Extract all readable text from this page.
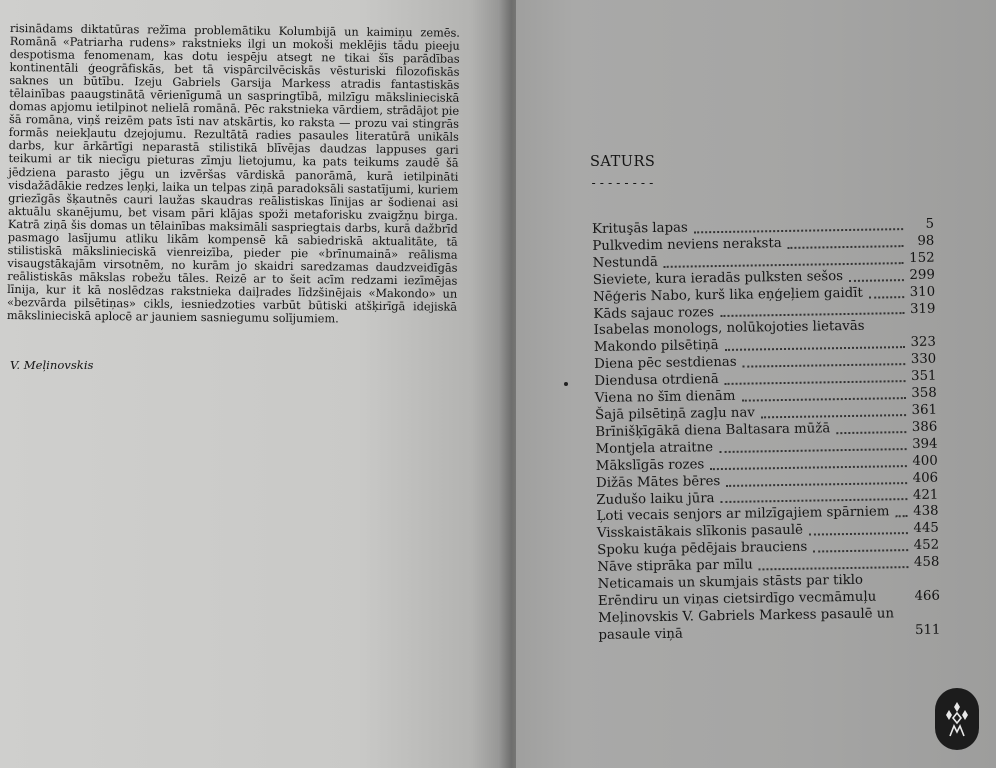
risinādams diktatūras režīma problemātiku Kolumbijā un kaimiņu zemēs. Romānā «Patriarha rudens» rakstnieks ilgi un mokoši meklējis tādu pieeju despotisma fenomenam, kas dotu iespēju atsegt ne tikai šīs parādības kontinentāli ģeogrāfiskās, bet tā vispārcilvēciskās vēsturiski filozofiskās saknes un būtību. Izeju Gabriels Garsija Markess atradis fantastiskās tēlainības paaugstinātā vērienīgumā un saspringtībā, milzīgu mākslinieciskā domas apjomu ietilpinot nelielā romānā. Pēc rakstnieka vārdiem, strādājot pie šā romāna, viņš reizēm pats īsti nav atskārtis, ko raksta — prozu vai stingrās formās neiekļautu dzejojumu. Rezultātā radies pasaules literatūrā unikāls darbs, kur ārkārtīgi neparastā stilistikā blīvējas daudzas lappuses gari teikumi ar tik niecīgu pieturas zīmju lietojumu, ka pats teikums zaudē šā jēdziena parasto jēgu un izvēršas vārdiskā panorāmā, kurā ietilpināti visdažādākie redzes leņķi, laika un telpas ziņā paradoksāli sastatījumi, kuriem griezīgās šķautnēs cauri laužas skaudras reālistiskas līnijas ar šodienai asi aktuālu skanējumu, bet visam pāri klājas spoži metaforisku zvaigžņu birga. Katrā ziņā šis domas un tēlainības maksimāli saspriegtais darbs, kurā dažbrīd pasmago lasījumu atliku likām kompensē kā sabiedriskā aktualitāte, tā stilistiskā mākslinieciskā vienreizība, pieder pie «brīnumainā» reālisma visaugstākajām virsotnēm, no kurām jo skaidri saredzamas daudzveidīgās reālistiskās mākslas robežu tāles. Reizē ar to šeit acīm redzami iezīmējas līnija, kur it kā noslēdzas rakstnieka daiļrades līdzšinējais «Makondo» un «bezvārda pilsētiņas» cikls, iesniedzoties varbūt būtiski atšķirīgā idejiskā mākslinieciskā aplocē ar jauniem sasniegumu solījumiem.

V. Meļinovskis
SATURS
--------
Krituşās lapas	5
Pulkvedim neviens neraksta	98
Nestundā	152
Sieviete, kura ieradās pulksten sešos	299
Nēģeris Nabo, kurš lika eņģeļiem gaidīt	310
Kāds sajauc rozes	319
Isabelas monologs, nolūkojoties lietavās
Makondo pilsētiņā	323
Diena pēc sestdienas	330
Diendusa otrdienā	351
Viena no šīm dienām	358
Šajā pilsētiņā zagļu nav	361
Brīnišķīgākā diena Baltasara mūžā	386
Montjela atraitne	394
Mākslīgās rozes	400
Dižās Mātes bēres	406
Zudušo laiku jūra	421
Ļoti vecais senjors ar milzīgajiem spārniem 438
Visskaistākais slīkonis pasaulē	445
Spoku kuģa pēdējais brauciens	452
Nāve stiprāka par mīlu	458
Neticamais un skumjais stāsts par tiklo Erēndiru un viņas cietsirdīgo vecmāmuļu	466
Meļinovskis V. Gabriels Markess pasaulē un pasaule viņā	511
